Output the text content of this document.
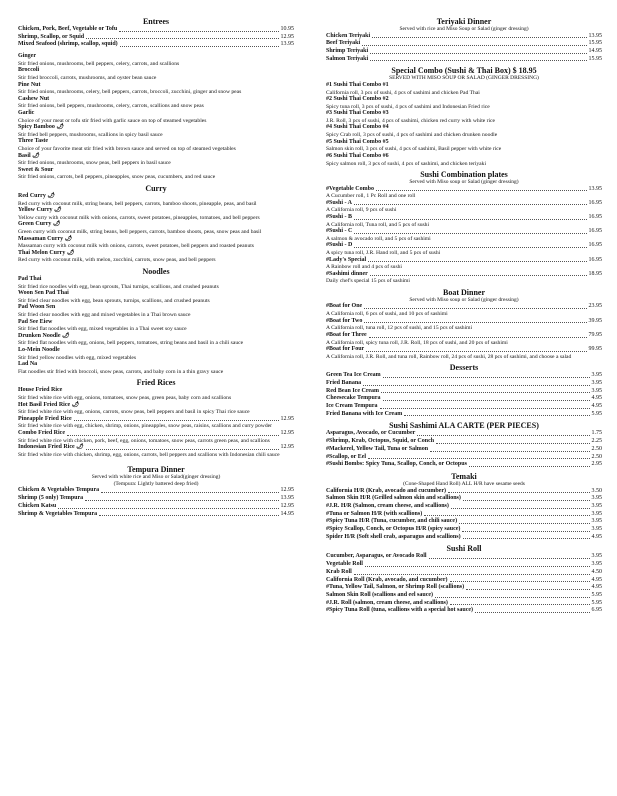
Entrees
Chicken, Pork, Beef, Vegetable or Tofu	10.95
Shrimp, Scallop, or Squid	12.95
Mixed Seafood (shrimp, scallop, squid)	13.95
Ginger
Stir fried onions, mushrooms, bell peppers, celery, carrots, and scallions
Broccoli
Stir fried broccoli, carrots, mushrooms, and oyster bean sauce
Pine Nut
Stir fried onions, mushrooms, celery, bell peppers, carrots, broccoli, zucchini, ginger and snow peas
Cashew Nut
Stir fried onions, bell peppers, mushrooms, celery, carrots, scallions and snow peas
Garlic
Choice of your meat or tofu stir fried with garlic sauce on top of steamed vegetables
Spicy Bamboo 🌶
Stir fried bell peppers, mushrooms, scallions in spicy basil sauce
Three Taste
Choice of your favorite meat stir fried with brown sauce and served on top of steamed vegetables
Basil 🌶
Stir fried onions, mushrooms, snow peas, bell peppers in basil sauce
Sweet & Sour
Stir fried onions, carrots, bell peppers, pineapples, snow peas, cucumbers, and red sauce
Curry
Red Curry 🌶
Red curry with coconut milk, string beans, bell peppers, carrots, bamboo shoots, pineapple, peas, and basil
Yellow Curry 🌶
Yellow curry with coconut milk with onions, carrots, sweet potatoes, pineapples, tomatoes, and bell peppers
Green Curry 🌶
Green curry with coconut milk, string beans, bell peppers, carrots, bamboo shoots, peas, snow peas and basil
Massaman Curry 🌶
Massaman curry with coconut milk with onions, carrots, sweet potatoes, bell peppers and roasted peanuts
Thai Melon Curry 🌶
Red curry with coconut milk, with melon, zucchini, carrots, snow peas, and bell peppers
Noodles
Pad Thai
Stir fried rice noodles with egg, bean sprouts, Thai turnips, scallions, and crushed peanuts
Woon Sen Pad Thai
Stir fried clear noodles with egg, bean sprouts, turnips, scallions, and crushed peanuts
Pad Woon Sen
Stir fried clear noodles with egg and mixed vegetables in a Thai brown sauce
Pad See Eiew
Stir fried flat noodles with egg, mixed vegetables in a Thai sweet soy sauce
Drunken Noodle 🌶
Stir fried flat noodles with egg, onions, bell peppers, tomatoes, string beans and basil in a chili sauce
Lo-Mein Noodle
Stir fried yellow noodles with egg, mixed vegetables
Lad Na
Flat noodles stir fried with broccoli, snow peas, carrots, and baby corn in a thin gravy sauce
Fried Rices
House Fried Rice
Stir fried white rice with egg, onions, tomatoes, snow peas, green peas, baby corn and scallions
Hot Basil Fried Rice 🌶
Stir fried white rice with egg, onions, carrots, snow peas, bell peppers and basil in spicy Thai rice sauce
Pineapple Fried Rice	12.95
Stir fried white rice with egg, chicken, shrimp, onions, pineapples, snow peas, raisins, scallions and curry powder
Combo Fried Rice	12.95
Stir fried white rice with chicken, pork, beef, egg, onions, tomatoes, snow peas, carrots green peas, and scallions
Indonesian Fried Rice 🌶	12.95
Stir fried white rice with chicken, shrimp, egg, onions, carrots, bell peppers and scallions with Indonesian chili sauce
Tempura Dinner
Served with white rice and Miso or Salad(ginger dressing)
(Tempura: Lightly battered deep fried)
Chicken & Vegetables Tempura	12.95
Shrimp (5 only) Tempura	13.95
Chicken Katsu	12.95
Shrimp & Vegetables Tempura	14.95
Teriyaki Dinner
Served with rice and Miso Soup or Salad (ginger dressing)
Chicken Teriyaki	13.95
Beef Teriyaki	15.95
Shrimp Teriyaki	14.95
Salmon Teriyaki	15.95
Special Combo (Sushi & Thai Box) $ 18.95
SERVED WITH MISO SOUP OR SALAD (GINGER DRESSING)
#1 Sushi Thai Combo #1
California roll, 3 pcs of sushi, 4 pcs of sashimi and chicken Pad Thai
#2 Sushi Thai Combo #2
Spicy tuna roll, 3 pcs of sushi, 4 pcs of sashimi and Indonesian Fried rice
#3 Sushi Thai Combo #3
J.R. Roll, 3 pcs of sushi, 4 pcs of sashimi, chicken red curry with white rice
#4 Sushi Thai Combo #4
Spicy Crab roll, 3 pcs of sushi, 4 pcs of sashimi and chicken drunken noodle
#5 Sushi Thai Combo #5
Salmon skin roll, 3 pcs of sushi, 4 pcs of sashimi, Basil pepper with white rice
#6 Sushi Thai Combo #6
Spicy salmon roll, 3 pcs of sushi, 4 pcs of sashimi, and chicken teriyaki
Sushi Combination plates
Served with Miso soup or Salad (ginger dressing)
#Vegetable Combo	13.95
A Cucumber roll, 1 Pc Roll and one roll
#Sushi - A	16.95
A California roll, 9 pcs of sushi
#Sushi - B	16.95
A California roll, Tuna roll, and 5 pcs of sushi
#Sushi - C	16.95
A salmon & avocado roll, and 5 pcs of sashimi
#Sushi - D	16.95
A spicy tuna roll, J.R. Hand roll, and 5 pcs of sushi
#Lady's Special	16.95
A Rainbow roll and 4 pcs of sushi
#Sashimi dinner	18.95
Daily chef's special 15 pcs of sashimi
Boat Dinner
Served with Miso soup or Salad (ginger dressing)
#Boat for One	23.95
A California roll, 6 pcs of sushi, and 10 pcs of sashimi
#Boat for Two	39.95
A California roll, tuna roll, 12 pcs of sushi, and 15 pcs of sashimi
#Boat for Three	79.95
A California roll, spicy tuna roll, J.R. Roll, 18 pcs of sushi, and 20 pcs of sashimi
#Boat for Four	99.95
A California roll, J.R. Roll, and tuna roll, Rainbow roll, 24 pcs of sushi, 28 pcs of sashimi, and choose a salad
Desserts
Green Tea Ice Cream	3.95
Fried Banana	3.95
Red Bean Ice Cream	3.95
Cheesecake Tempura	4.95
Ice Cream Tempura	4.95
Fried Banana with Ice Cream	5.95
Sushi Sashimi ALA CARTE (PER PIECES)
Asparagus, Avocado, or Cucumber	1.75
#Shrimp, Krab, Octopus, Squid, or Conch	2.25
#Mackerel, Yellow Tail, Tuna or Salmon	2.50
#Scallop, or Eel	2.50
#Sushi Bombs: Spicy Tuna, Scallop, Conch, or Octopus	2.95
Temaki
(Cone-Shaped Hand Roll) ALL H/R have sesame seeds
California H/R (Krab, avocado and cucumber)	3.50
Salmon Skin H/R (Grilled salmon skin and scallions)	3.95
#J.R. H/R (Salmon, cream cheese, and scallions)	3.95
#Tuna or Salmon H/R (with scallions)	3.95
#Spicy Tuna H/R (Tuna, cucumber, and chili sauce)	3.95
#Spicy Scallop, Conch, or Octopus H/R (spicy sauce)	3.95
Spider H/R (Soft shell crab, asparagus and scallions)	4.95
Sushi Roll
Cucumber, Asparagus, or Avocado Roll	3.95
Vegetable Roll	3.95
Krab Roll	4.50
California Roll (Krab, avocado, and cucumber)	4.95
#Tuna, Yellow Tail, Salmon, or Shrimp Roll (scallions)	4.95
Salmon Skin Roll (scallions and eel sauce)	5.95
#J.R. Roll (salmon, cream cheese, and scallions)	5.95
#Spicy Tuna Roll (tuna, scallions with a special hot sauce)	6.95
